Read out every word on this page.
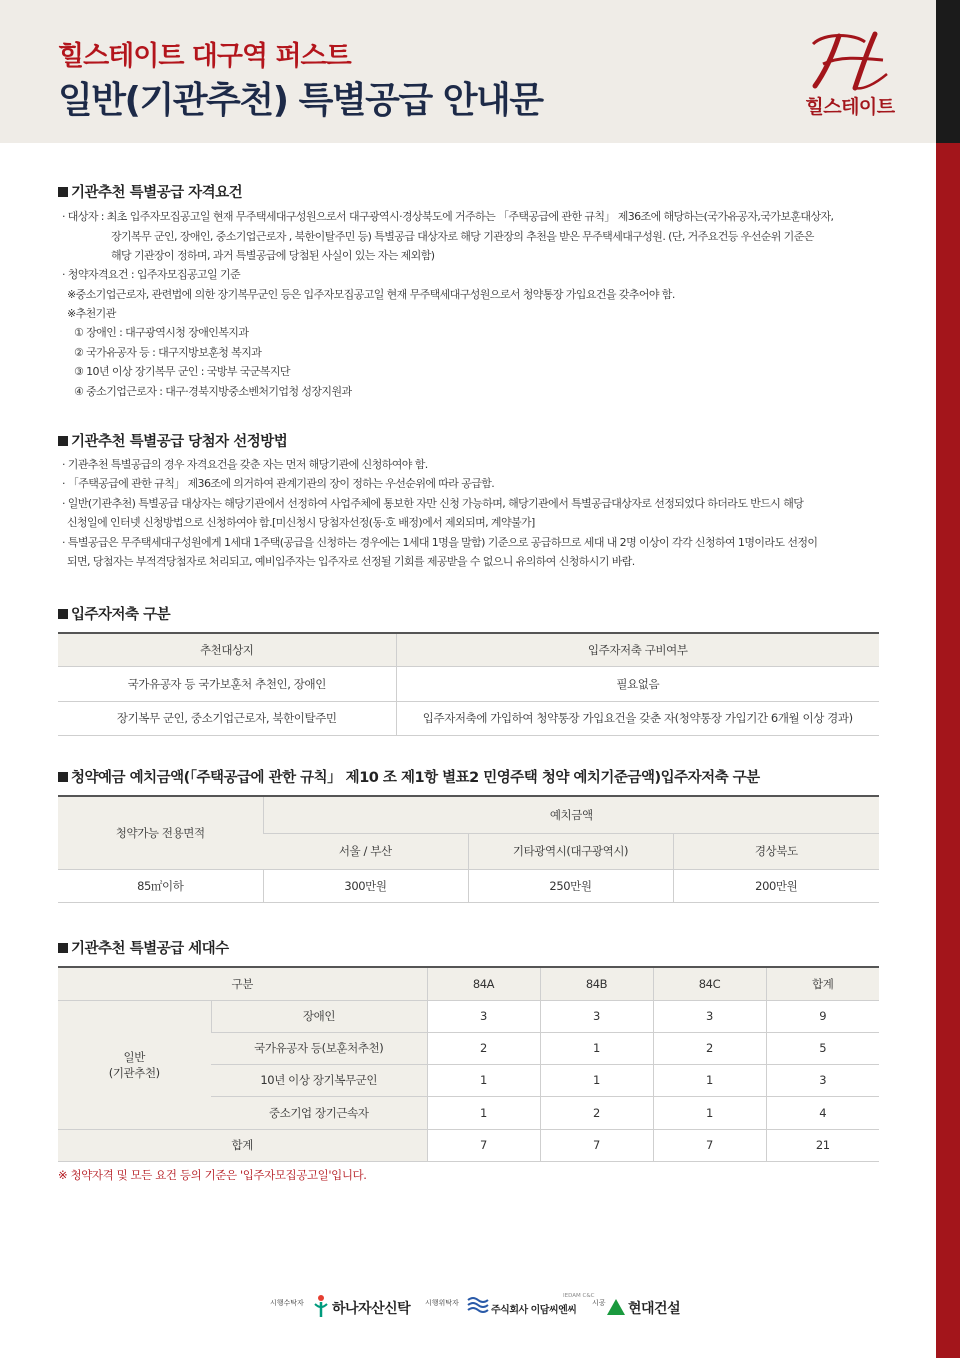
힐스테이트 대구역 퍼스트
일반(기관추천) 특별공급 안내문	힐스테이트
기관추천 특별공급 자격요건
· 대상자 : 최초 입주자모집공고일 현재 무주택세대구성원으로서 대구광역시·경상북도에 거주하는 「주택공급에 관한 규칙」 제36조에 해당하는(국가유공자,국가보훈대상자,
장기복무 군인, 장애인, 중소기업근로자 , 북한이탈주민 등) 특별공급 대상자로 해당 기관장의 추천을 받은 무주택세대구성원. (단, 거주요건등 우선순위 기준은
해당 기관장이 정하며, 과거 특별공급에 당첨된 사실이 있는 자는 제외함)
· 청약자격요건 : 입주자모집공고일 기준
※중소기업근로자, 관련법에 의한 장기복무군인 등은 입주자모집공고일 현재 무주택세대구성원으로서 청약통장 가입요건을 갖추어야 함.
※추천기관
① 장애인 : 대구광역시청 장애인복지과
② 국가유공자 등 : 대구지방보훈청 복지과
③ 10년 이상 장기복무 군인 : 국방부 국군복지단
④ 중소기업근로자 : 대구·경북지방중소벤처기업청 성장지원과
기관추천 특별공급 당첨자 선정방법
· 기관추천 특별공급의 경우 자격요건을 갖춘 자는 먼저 해당기관에 신청하여야 함.
· 「주택공급에 관한 규칙」 제36조에 의거하여 관계기관의 장이 정하는 우선순위에 따라 공급함.
· 일반(기관추천) 특별공급 대상자는 해당기관에서 선정하여 사업주체에 통보한 자만 신청 가능하며, 해당기관에서 특별공급대상자로 선정되었다 하더라도 반드시 해당
신청일에 인터넷 신청방법으로 신청하여야 함.[미신청시 당첨자선정(동·호 배정)에서 제외되며, 계약불가]
· 특별공급은 무주택세대구성원에게 1세대 1주택(공급을 신청하는 경우에는 1세대 1명을 말함) 기준으로 공급하므로 세대 내 2명 이상이 각각 신청하여 1명이라도 선정이
되면, 당첨자는 부적격당첨자로 처리되고, 예비입주자는 입주자로 선정될 기회를 제공받을 수 없으니 유의하여 신청하시기 바람.
입주자저축 구분
추천대상지	입주자저축 구비여부
국가유공자 등 국가보훈처 추천인, 장애인	필요없음
장기복무 군인, 중소기업근로자, 북한이탈주민	입주자저축에 가입하여 청약통장 가입요건을 갖춘 자(청약통장 가입기간 6개월 이상 경과)
청약예금 예치금액(「주택공급에 관한 규칙」 제10 조 제1항 별표2 민영주택 청약 예치기준금액)입주자저축 구분
청약가능 전용면적	예치금액		
	서울 / 부산	기타광역시(대구광역시)	경상북도
85㎡이하	300만원	250만원	200만원
기관추천 특별공급 세대수
구분		84A	84B	84C	합계

일반
(기관추천)	장애인	3	3	3	9
	국가유공자 등(보훈처추천)	2	1	2	5
	10년 이상 장기복무군인	1	1	1	3
	중소기업 장기근속자	1	2	1	4
합계		7	7	7	21
※ 청약자격 및 모든 요건 등의 기준은 '입주자모집공고일'입니다.
시행수탁자 하나자산신탁 시행위탁자
IEDAM C&C
주식회사 이담씨엔씨
시공 현대건설
